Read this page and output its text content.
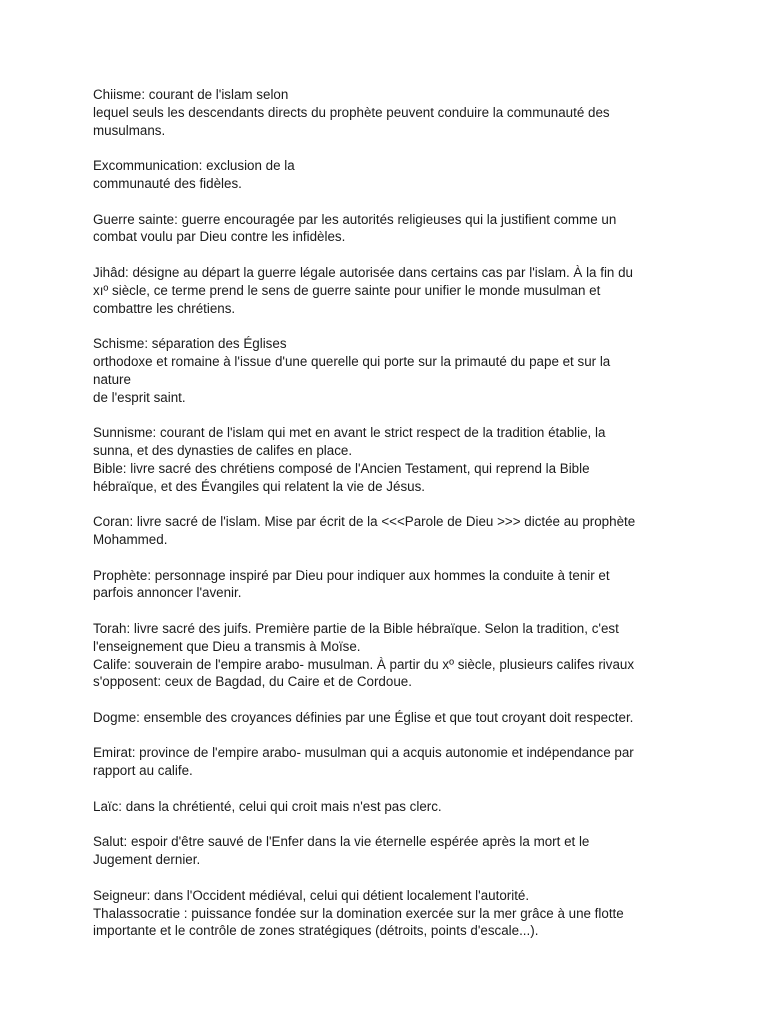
Chiisme: courant de l'islam selon
lequel seuls les descendants directs du prophète peuvent conduire la communauté des
musulmans.
Excommunication: exclusion de la
communauté des fidèles.
Guerre sainte: guerre encouragée par les autorités religieuses qui la justifient comme un
combat voulu par Dieu contre les infidèles.
Jihâd: désigne au départ la guerre légale autorisée dans certains cas par l'islam. À la fin du
xıº siècle, ce terme prend le sens de guerre sainte pour unifier le monde musulman et
combattre les chrétiens.
Schisme: séparation des Églises
orthodoxe et romaine à l'issue d'une querelle qui porte sur la primauté du pape et sur la
nature
de l'esprit saint.
Sunnisme: courant de l'islam qui met en avant le strict respect de la tradition établie, la
sunna, et des dynasties de califes en place.
Bible: livre sacré des chrétiens composé de l'Ancien Testament, qui reprend la Bible
hébraïque, et des Évangiles qui relatent la vie de Jésus.
Coran: livre sacré de l'islam. Mise par écrit de la <<<Parole de Dieu >>> dictée au prophète
Mohammed.
Prophète: personnage inspiré par Dieu pour indiquer aux hommes la conduite à tenir et
parfois annoncer l'avenir.
Torah: livre sacré des juifs. Première partie de la Bible hébraïque. Selon la tradition, c'est
l'enseignement que Dieu a transmis à Moïse.
Calife: souverain de l'empire arabo- musulman. À partir du xº siècle, plusieurs califes rivaux
s'opposent: ceux de Bagdad, du Caire et de Cordoue.
Dogme: ensemble des croyances définies par une Église et que tout croyant doit respecter.
Emirat: province de l'empire arabo- musulman qui a acquis autonomie et indépendance par
rapport au calife.
Laïc: dans la chrétienté, celui qui croit mais n'est pas clerc.
Salut: espoir d'être sauvé de l'Enfer dans la vie éternelle espérée après la mort et le
Jugement dernier.
Seigneur: dans l'Occident médiéval, celui qui détient localement l'autorité.
Thalassocratie : puissance fondée sur la domination exercée sur la mer grâce à une flotte
importante et le contrôle de zones stratégiques (détroits, points d'escale...).
